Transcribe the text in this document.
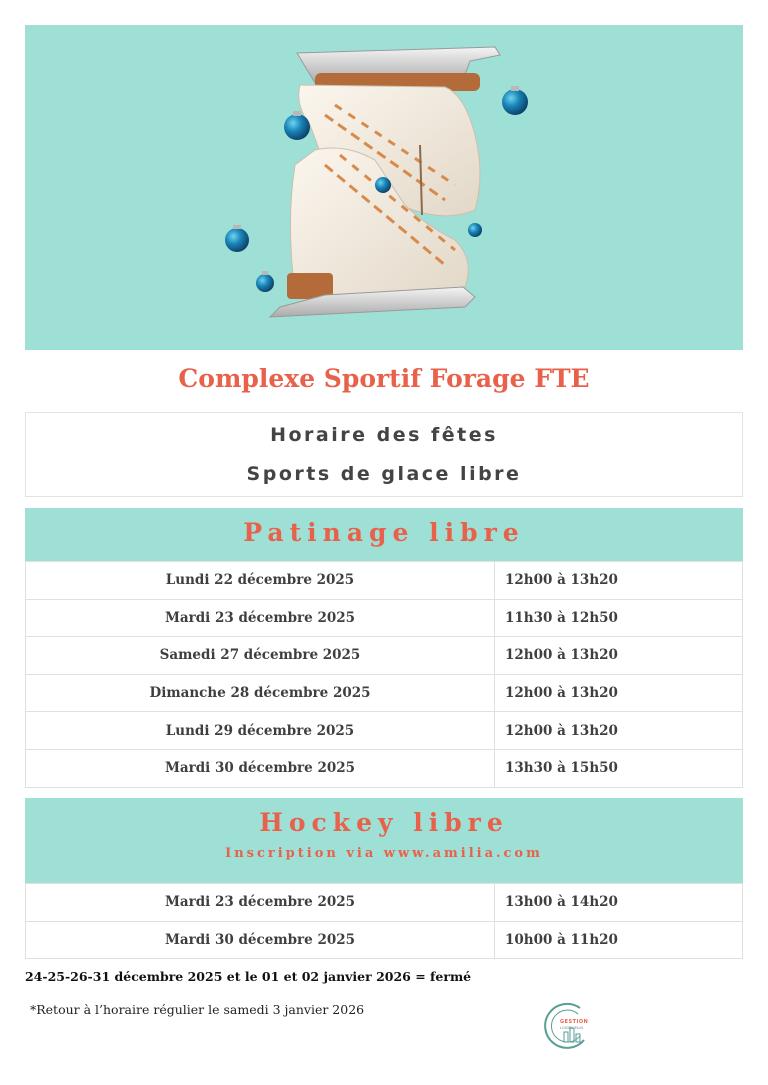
Complexe Sportif Forage FTE
Horaire des fêtes
Sports de glace libre
Patinage libre
Lundi 22 décembre 2025	12h00 à 13h20
Mardi 23 décembre 2025	11h30 à 12h50
Samedi 27 décembre 2025	12h00 à 13h20
Dimanche 28 décembre 2025	12h00 à 13h20
Lundi 29 décembre 2025	12h00 à 13h20
Mardi 30 décembre 2025	13h30 à 15h50
Hockey libre
Inscription via www.amilia.com
Mardi 23 décembre 2025	13h00 à 14h20
Mardi 30 décembre 2025	10h00 à 11h20
24-25-26-31 décembre 2025 et le 01 et 02 janvier 2026 = fermé
*Retour à l’horaire régulier le samedi 3 janvier 2026
GESTION
LOISIRS PLUS
